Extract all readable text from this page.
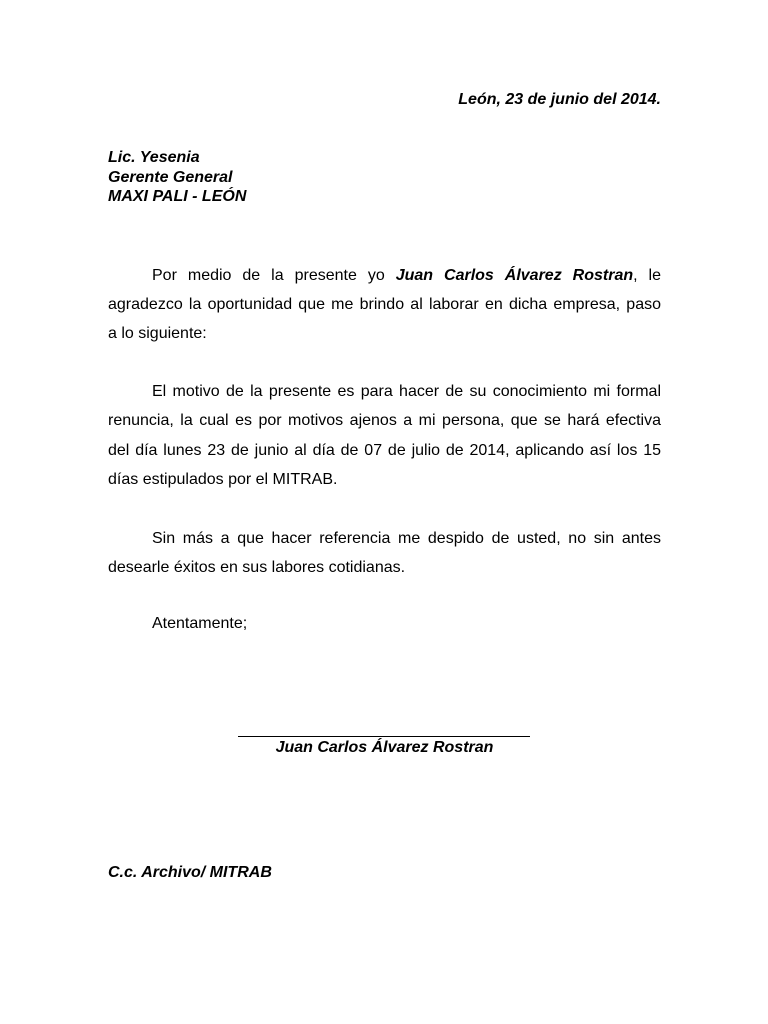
León, 23 de junio del 2014.
Lic. Yesenia
Gerente General
MAXI PALI - LEÓN
Por medio de la presente yo Juan Carlos Álvarez Rostran, le
agradezco la oportunidad que me brindo al laborar en dicha empresa, paso
a lo siguiente:
El motivo de la presente es para hacer de su conocimiento mi formal
renuncia, la cual es por motivos ajenos a mi persona, que se hará efectiva
del día lunes 23 de junio al día de 07 de julio de 2014, aplicando así los 15
días estipulados por el MITRAB.
Sin más a que hacer referencia me despido de usted, no sin antes
desearle éxitos en sus labores cotidianas.
Atentamente;
Juan Carlos Álvarez Rostran
C.c. Archivo/ MITRAB
